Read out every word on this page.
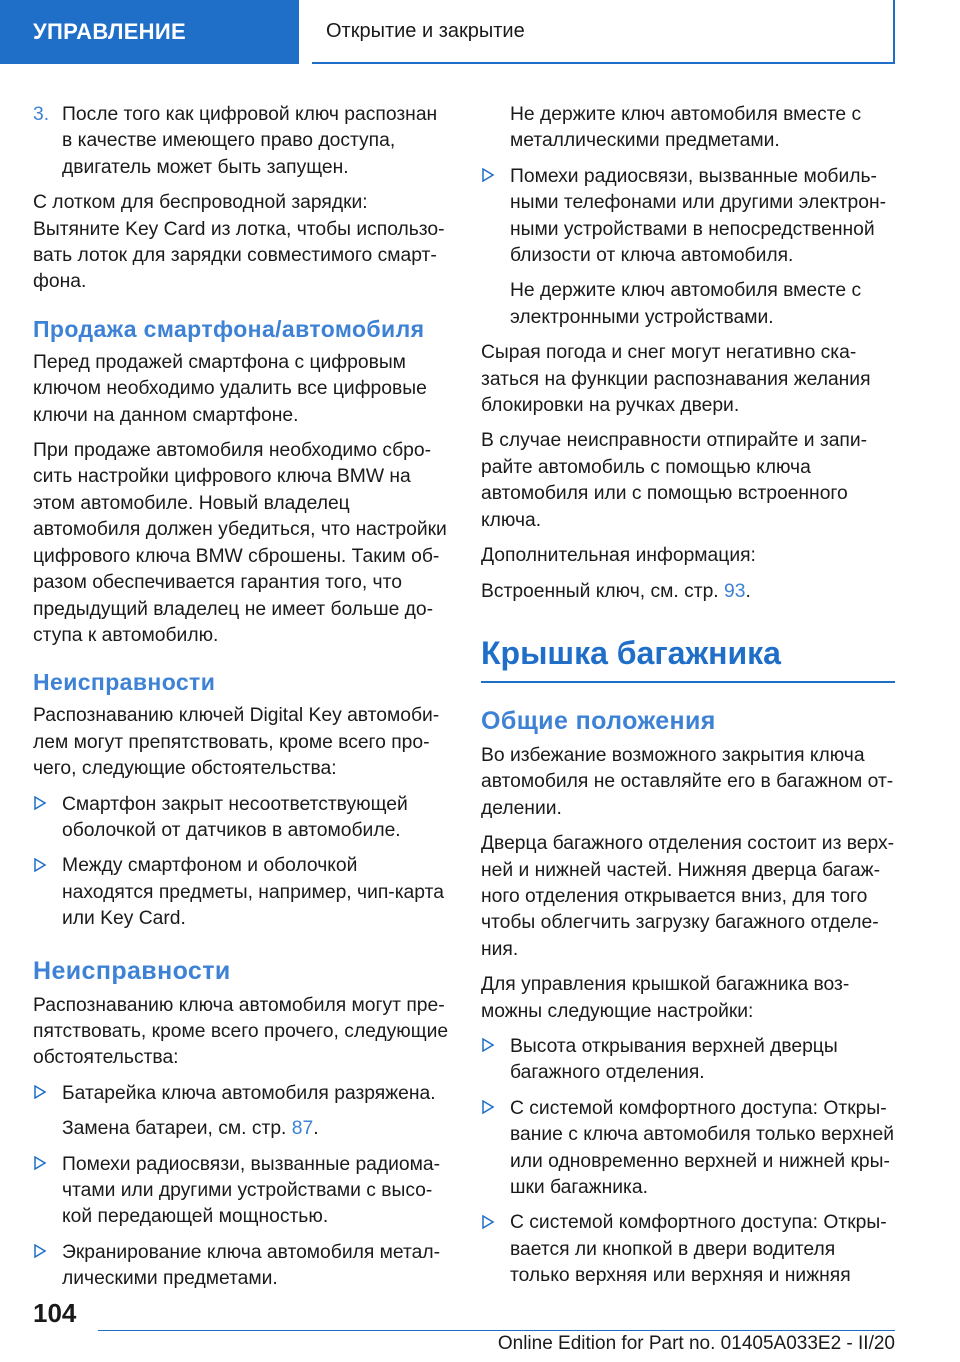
УПРАВЛЕНИЕ	Открытие и закрытие
3. После того как цифровой ключ распознан в качестве имеющего право доступа, двигатель может быть запущен.

С лотком для беспроводной зарядки:

Вытяните Key Card из лотка, чтобы использовать лоток для зарядки совместимого смартфона.

Продажа смартфона/автомобиля

Перед продажей смартфона с цифровым ключом необходимо удалить все цифровые ключи на данном смартфоне.

При продаже автомобиля необходимо сбросить настройки цифрового ключа BMW на этом автомобиле. Новый владелец автомобиля должен убедиться, что настройки цифрового ключа BMW сброшены. Таким образом обеспечивается гарантия того, что предыдущий владелец не имеет больше доступа к автомобилю.

Неисправности

Распознаванию ключей Digital Key автомобилем могут препятствовать, кроме всего прочего, следующие обстоятельства:

Смартфон закрыт несоответствующей оболочкой от датчиков в автомобиле.
Между смартфоном и оболочкой находятся предметы, например, чип-карта или Key Card.
Неисправности

Распознаванию ключа автомобиля могут препятствовать, кроме всего прочего, следующие обстоятельства:

Батарейка ключа автомобиля разряжена.
Замена батареи, см. стр. 87.
Помехи радиосвязи, вызванные радиомачтами или другими устройствами с высокой передающей мощностью.
Экранирование ключа автомобиля металлическими предметами.
Не держите ключ автомобиля вместе с металлическими предметами.
Помехи радиосвязи, вызванные мобильными телефонами или другими электронными устройствами в непосредственной близости от ключа автомобиля.
Не держите ключ автомобиля вместе с электронными устройствами.

Сырая погода и снег могут негативно сказаться на функции распознавания желания блокировки на ручках двери.

В случае неисправности отпирайте и запирайте автомобиль с помощью ключа автомобиля или с помощью встроенного ключа.

Дополнительная информация:

Встроенный ключ, см. стр. 93.

Крышка багажника
Общие положения

Во избежание возможного закрытия ключа автомобиля не оставляйте его в багажном отделении.

Дверца багажного отделения состоит из верхней и нижней частей. Нижняя дверца багажного отделения открывается вниз, для того чтобы облегчить загрузку багажного отделения.

Для управления крышкой багажника возможны следующие настройки:

Высота открывания верхней дверцы багажного отделения.
С системой комфортного доступа: Открывание с ключа автомобиля только верхней или одновременно верхней и нижней крышки багажника.
С системой комфортного доступа: Открывается ли кнопкой в двери водителя только верхняя или верхняя и нижняя
104
Online Edition for Part no. 01405A033E2 - II/20
